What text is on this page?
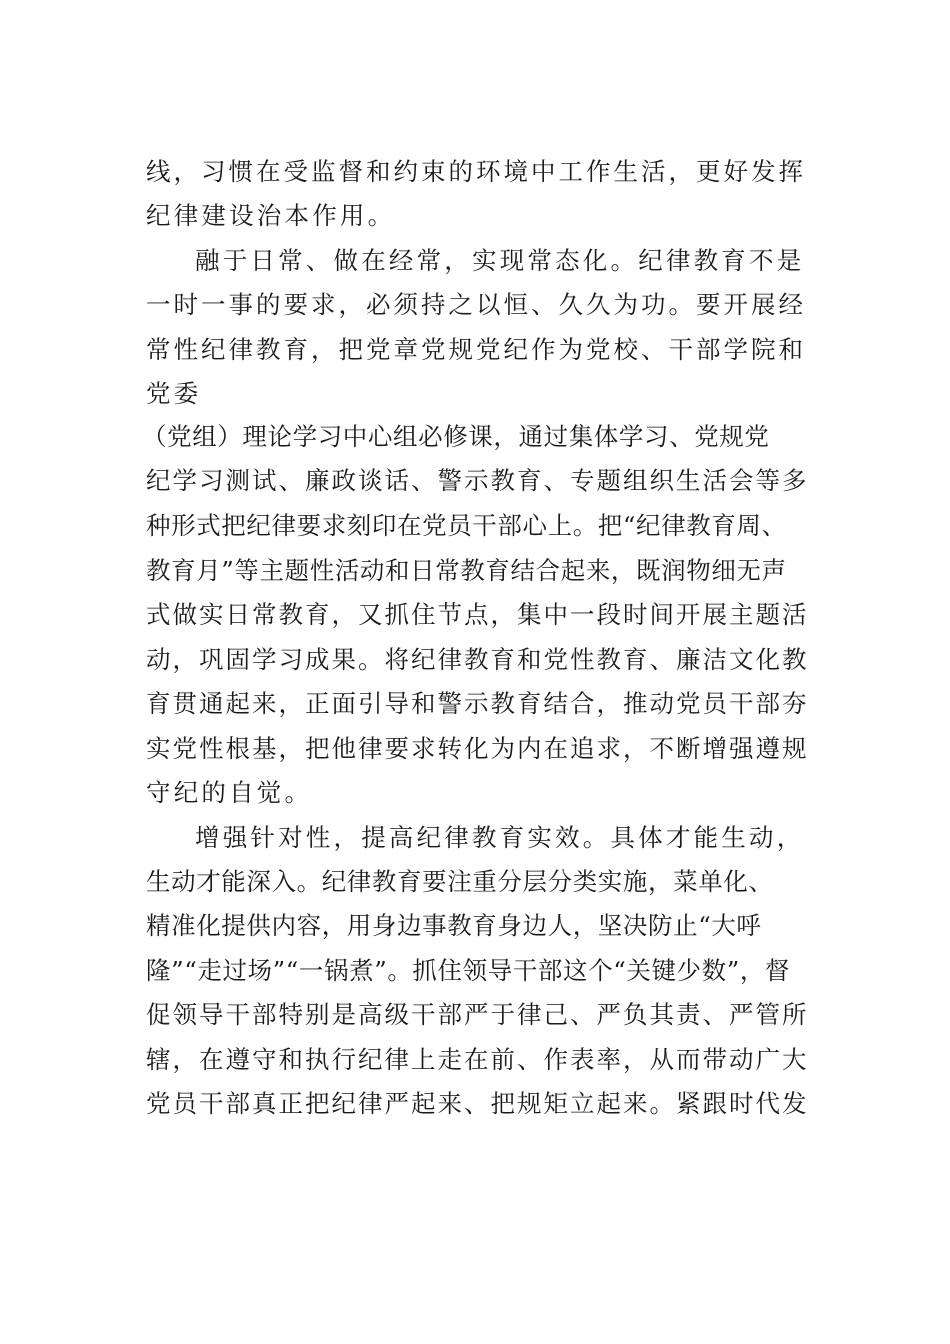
线，习惯在受监督和约束的环境中工作生活，更好发挥
纪律建设治本作用。
融于日常、做在经常，实现常态化。纪律教育不是
一时一事的要求，必须持之以恒、久久为功。要开展经
常性纪律教育，把党章党规党纪作为党校、干部学院和
党委
（党组）理论学习中心组必修课，通过集体学习、党规党
纪学习测试、廉政谈话、警示教育、专题组织生活会等多
种形式把纪律要求刻印在党员干部心上。把“纪律教育周、
教育月”等主题性活动和日常教育结合起来，既润物细无声
式做实日常教育，又抓住节点，集中一段时间开展主题活
动，巩固学习成果。将纪律教育和党性教育、廉洁文化教
育贯通起来，正面引导和警示教育结合，推动党员干部夯
实党性根基，把他律要求转化为内在追求，不断增强遵规
守纪的自觉。
增强针对性，提高纪律教育实效。具体才能生动，
生动才能深入。纪律教育要注重分层分类实施，菜单化、
精准化提供内容，用身边事教育身边人，坚决防止“大呼
隆”“走过场”“一锅煮”。抓住领导干部这个“关键少数”，督
促领导干部特别是高级干部严于律己、严负其责、严管所
辖，在遵守和执行纪律上走在前、作表率，从而带动广大
党员干部真正把纪律严起来、把规矩立起来。紧跟时代发
